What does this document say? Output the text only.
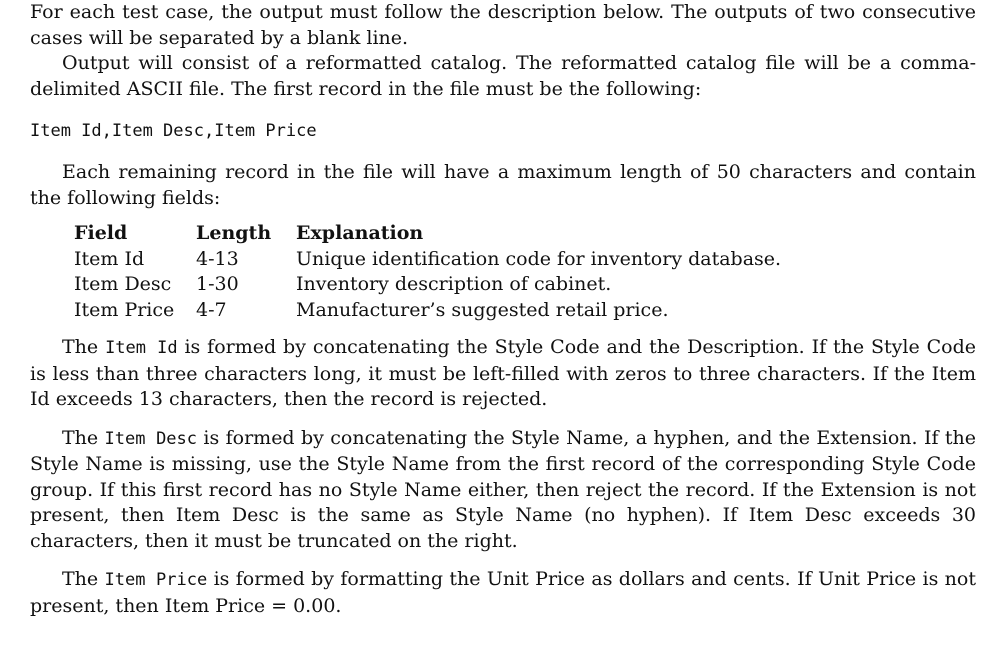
For each test case, the output must follow the description below. The outputs of two consecutive cases will be separated by a blank line.

Output will consist of a reformatted catalog. The reformatted catalog file will be a comma-delimited ASCII file. The first record in the file must be the following:

Item Id,Item Desc,Item Price

Each remaining record in the file will have a maximum length of 50 characters and contain the following fields:

Field	Length	Explanation
Item Id	4-13	Unique identification code for inventory database.
Item Desc	1-30	Inventory description of cabinet.
Item Price	4-7	Manufacturer’s suggested retail price.

The Item Id is formed by concatenating the Style Code and the Description. If the Style Code is less than three characters long, it must be left-filled with zeros to three characters. If the Item Id exceeds 13 characters, then the record is rejected.

The Item Desc is formed by concatenating the Style Name, a hyphen, and the Extension. If the Style Name is missing, use the Style Name from the first record of the corresponding Style Code group. If this first record has no Style Name either, then reject the record. If the Extension is not present, then Item Desc is the same as Style Name (no hyphen). If Item Desc exceeds 30 characters, then it must be truncated on the right.

The Item Price is formed by formatting the Unit Price as dollars and cents. If Unit Price is not present, then Item Price = 0.00.
